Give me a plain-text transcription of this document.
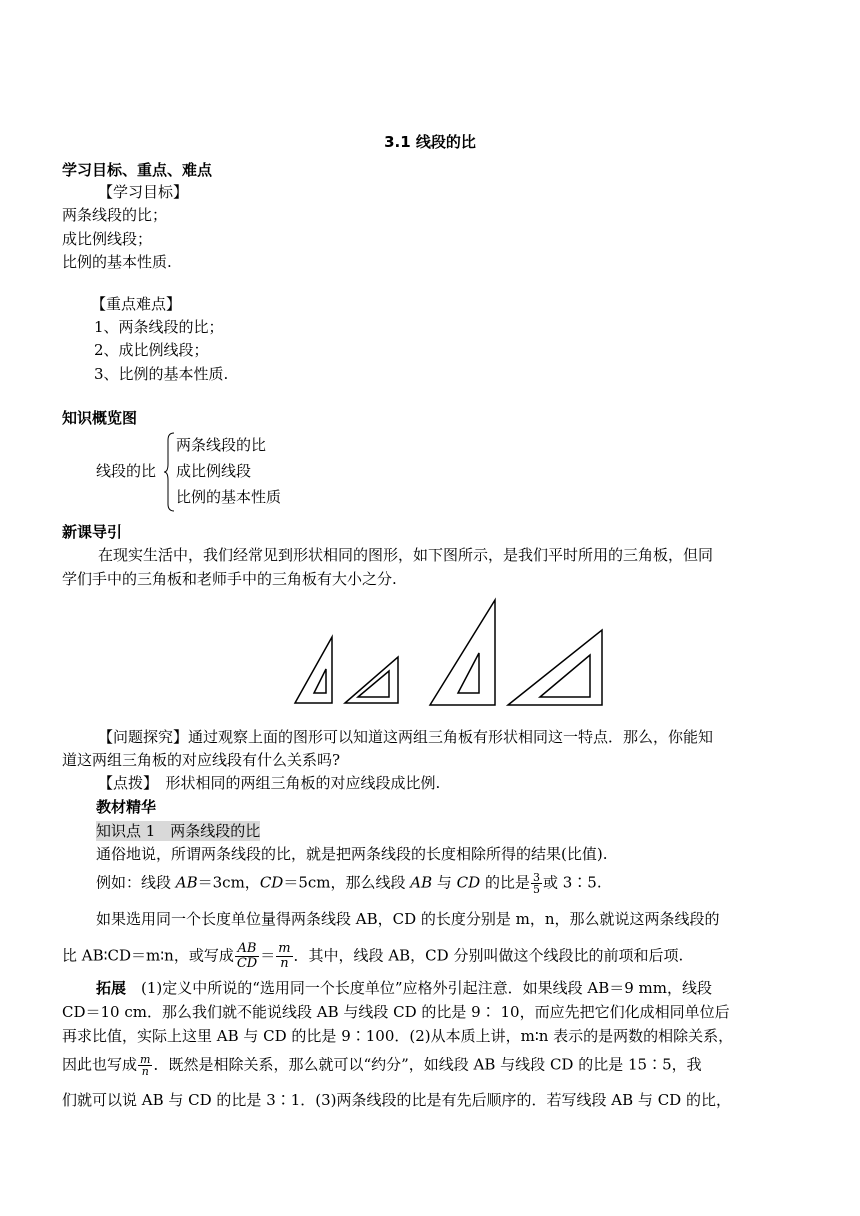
3.1 线段的比
学习目标、重点、难点
【学习目标】
两条线段的比；
成比例线段；
比例的基本性质.
【重点难点】
1、两条线段的比；
2、成比例线段；
3、比例的基本性质.
知识概览图
线段的比
两条线段的比
成比例线段
比例的基本性质
新课导引
在现实生活中，我们经常见到形状相同的图形，如下图所示，是我们平时所用的三角板，但同
学们手中的三角板和老师手中的三角板有大小之分.
【问题探究】通过观察上面的图形可以知道这两组三角板有形状相同这一特点．那么，你能知
道这两组三角板的对应线段有什么关系吗?
【点拨】　形状相同的两组三角板的对应线段成比例.
教材精华
知识点 1　两条线段的比
通俗地说，所谓两条线段的比，就是把两条线段的长度相除所得的结果(比值).
例如：线段 AB＝3cm，CD＝5cm，那么线段 AB 与 CD 的比是 $\frac{3}{5}$ 或 3∶5.
如果选用同一个长度单位量得两条线段 AB，CD 的长度分别是 m，n，那么就说这两条线段的
比 AB∶CD＝m∶n，或写成 $\frac{AB}{CD} = \frac{m}{n}$ ．其中，线段 AB，CD 分别叫做这个线段比的前项和后项.
拓展　(1)定义中所说的“选用同一个长度单位”应格外引起注意．如果线段 AB＝9 mm，线段
CD＝10 cm．那么我们就不能说线段 AB 与线段 CD 的比是 9∶ 10，而应先把它们化成相同单位后
再求比值，实际上这里 AB 与 CD 的比是 9∶100．(2)从本质上讲，m∶n 表示的是两数的相除关系，
因此也写成 $\frac{m}{n}$ ．既然是相除关系，那么就可以“约分”，如线段 AB 与线段 CD 的比是 15∶5，我
们就可以说 AB 与 CD 的比是 3∶1．(3)两条线段的比是有先后顺序的．若写线段 AB 与 CD 的比，
